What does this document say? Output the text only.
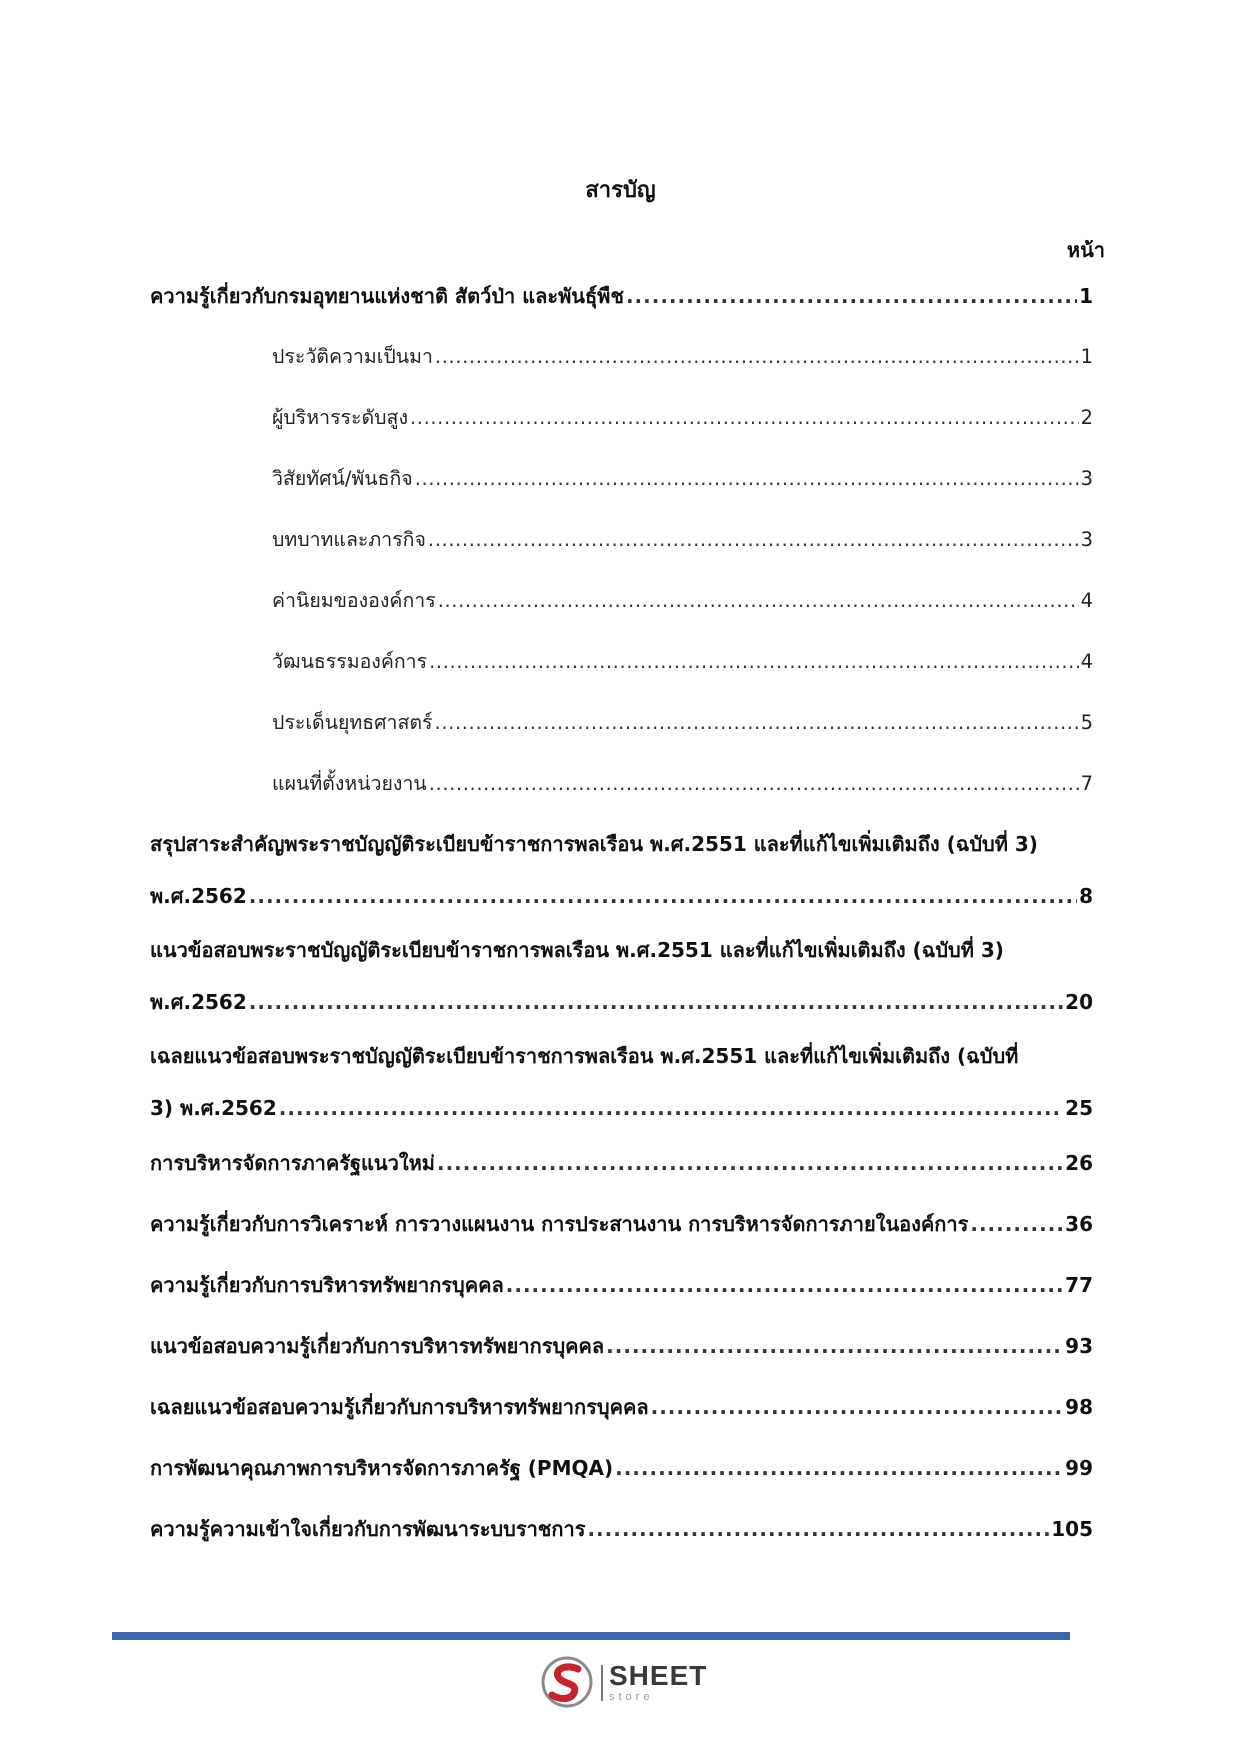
สารบัญ
หน้า
ความรู้เกี่ยวกับกรมอุทยานแห่งชาติ สัตว์ป่า และพันธุ์พืช .....	1
ประวัติความเป็นมา .....	1
ผู้บริหารระดับสูง .....	2
วิสัยทัศน์/พันธกิจ .....	3
บทบาทและภารกิจ .....	3
ค่านิยมขององค์การ .....	4
วัฒนธรรมองค์การ .....	4
ประเด็นยุทธศาสตร์ .....	5
แผนที่ตั้งหน่วยงาน .....	7
สรุปสาระสำคัญพระราชบัญญัติระเบียบข้าราชการพลเรือน พ.ศ.2551 และที่แก้ไขเพิ่มเติมถึง (ฉบับที่ 3)
พ.ศ.2562 .....	8
แนวข้อสอบพระราชบัญญัติระเบียบข้าราชการพลเรือน พ.ศ.2551 และที่แก้ไขเพิ่มเติมถึง (ฉบับที่ 3)
พ.ศ.2562 .....	20
เฉลยแนวข้อสอบพระราชบัญญัติระเบียบข้าราชการพลเรือน พ.ศ.2551 และที่แก้ไขเพิ่มเติมถึง (ฉบับที่
3) พ.ศ.2562 .....	25
การบริหารจัดการภาครัฐแนวใหม่ .....	26
ความรู้เกี่ยวกับการวิเคราะห์ การวางแผนงาน การประสานงาน การบริหารจัดการภายในองค์การ .....	36
ความรู้เกี่ยวกับการบริหารทรัพยากรบุคคล .....	77
แนวข้อสอบความรู้เกี่ยวกับการบริหารทรัพยากรบุคคล .....	93
เฉลยแนวข้อสอบความรู้เกี่ยวกับการบริหารทรัพยากรบุคคล .....	98
การพัฒนาคุณภาพการบริหารจัดการภาครัฐ (PMQA) .....	99
ความรู้ความเข้าใจเกี่ยวกับการพัฒนาระบบราชการ .....	105
SHEET
store
